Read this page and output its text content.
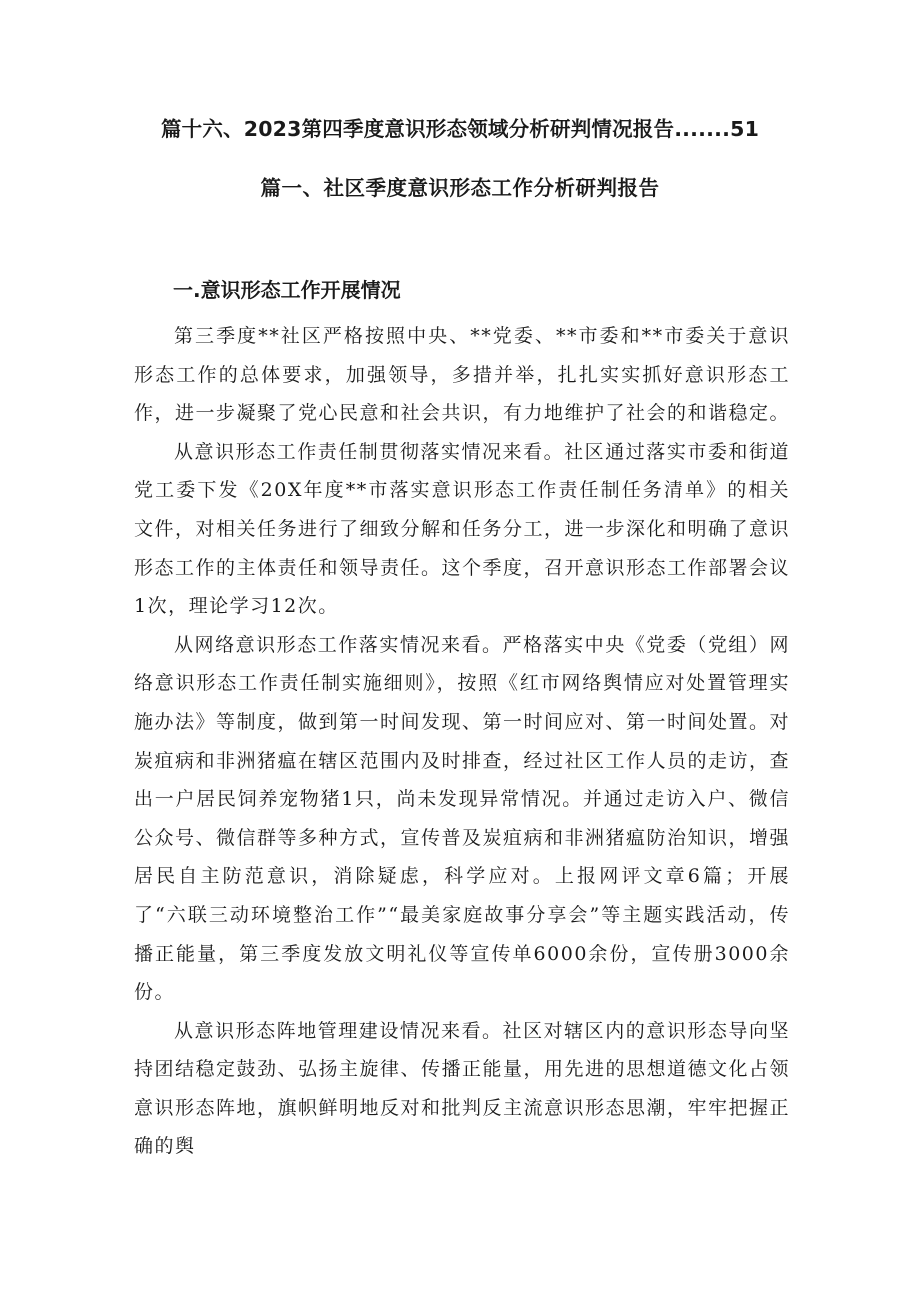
篇十六、2023第四季度意识形态领域分析研判情况报告.......51
篇一、社区季度意识形态工作分析研判报告
一.意识形态工作开展情况

第三季度**社区严格按照中央、**党委、**市委和**市委关于意识形态工作的总体要求，加强领导，多措并举，扎扎实实抓好意识形态工作，进一步凝聚了党心民意和社会共识，有力地维护了社会的和谐稳定。

从意识形态工作责任制贯彻落实情况来看。社区通过落实市委和街道党工委下发《20X年度**市落实意识形态工作责任制任务清单》的相关文件，对相关任务进行了细致分解和任务分工，进一步深化和明确了意识形态工作的主体责任和领导责任。这个季度，召开意识形态工作部署会议1次，理论学习12次。

从网络意识形态工作落实情况来看。严格落实中央《党委（党组）网络意识形态工作责任制实施细则》，按照《红市网络舆情应对处置管理实施办法》等制度，做到第一时间发现、第一时间应对、第一时间处置。对炭疽病和非洲猪瘟在辖区范围内及时排查，经过社区工作人员的走访，查出一户居民饲养宠物猪1只，尚未发现异常情况。并通过走访入户、微信公众号、微信群等多种方式，宣传普及炭疽病和非洲猪瘟防治知识，增强居民自主防范意识，消除疑虑，科学应对。上报网评文章6篇；开展了“六联三动环境整治工作”“最美家庭故事分享会”等主题实践活动，传播正能量，第三季度发放文明礼仪等宣传单6000余份，宣传册3000余份。

从意识形态阵地管理建设情况来看。社区对辖区内的意识形态导向坚持团结稳定鼓劲、弘扬主旋律、传播正能量，用先进的思想道德文化占领意识形态阵地，旗帜鲜明地反对和批判反主流意识形态思潮，牢牢把握正确的舆
